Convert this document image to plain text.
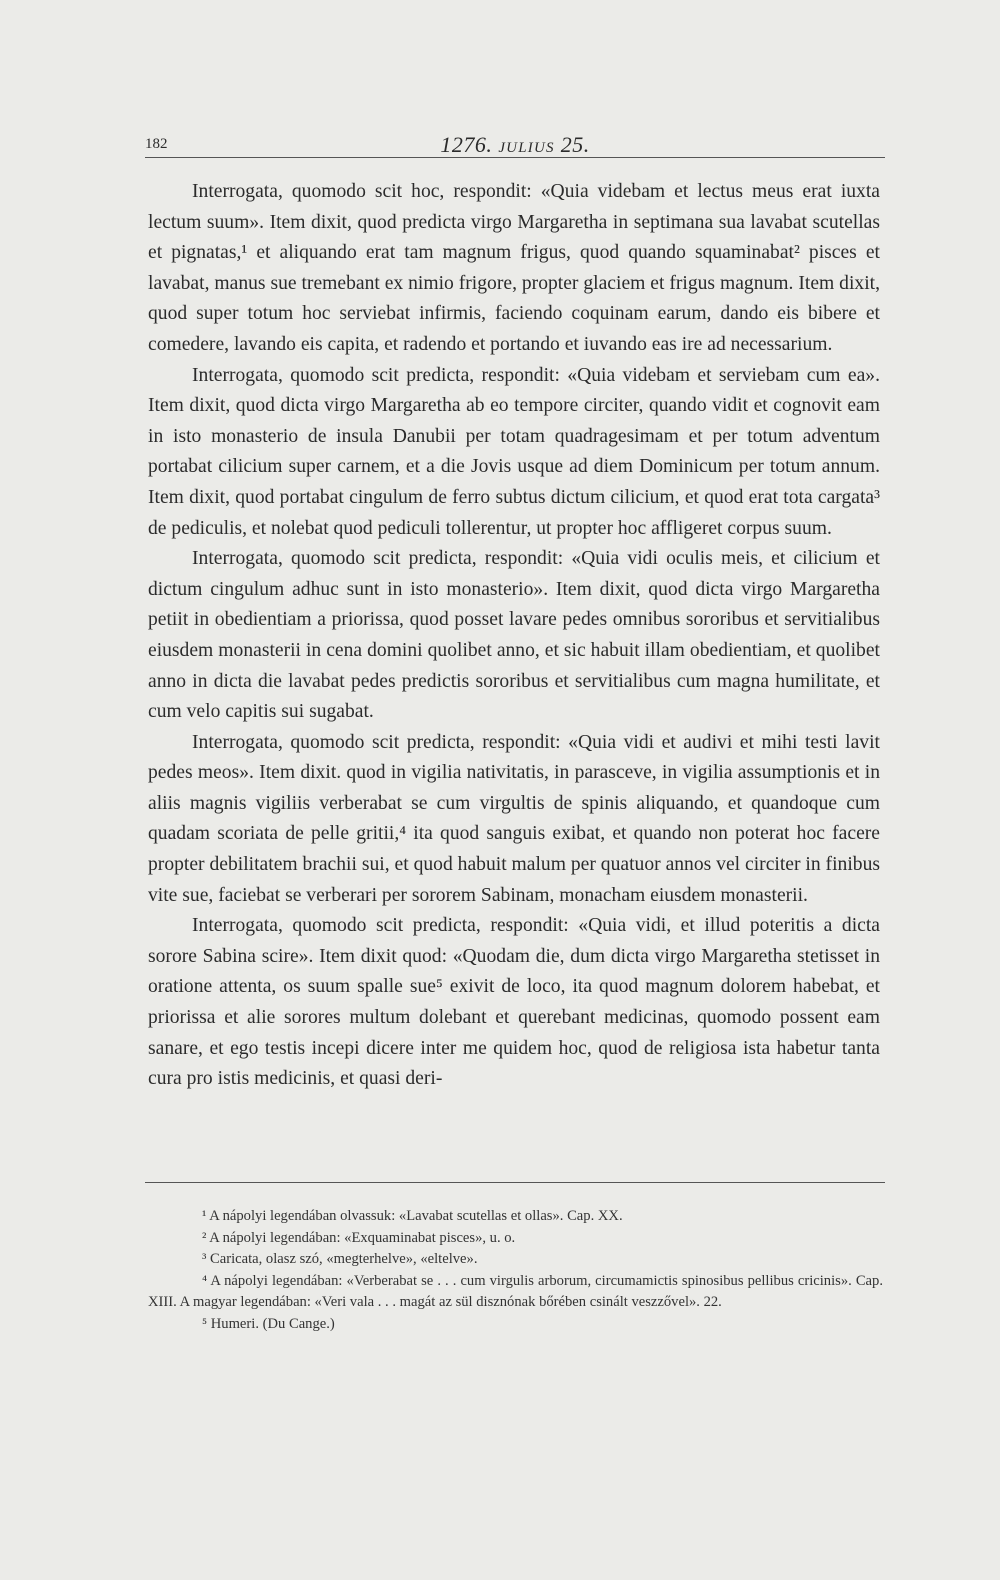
182	1276. JULIUS 25.

Interrogata, quomodo scit hoc, respondit: «Quia videbam et lectus meus erat iuxta lectum suum». Item dixit, quod predicta virgo Margaretha in septimana sua lavabat scutellas et pignatas,¹ et aliquando erat tam magnum frigus, quod quando squaminabat² pisces et lavabat, manus sue tremebant ex nimio frigore, propter glaciem et frigus magnum. Item dixit, quod super totum hoc serviebat infirmis, faciendo coquinam earum, dando eis bibere et comedere, lavando eis capita, et radendo et portando et iuvando eas ire ad necessarium.

Interrogata, quomodo scit predicta, respondit: «Quia videbam et serviebam cum ea». Item dixit, quod dicta virgo Margaretha ab eo tempore circiter, quando vidit et cognovit eam in isto monasterio de insula Danubii per totam quadragesimam et per totum adventum portabat cilicium super carnem, et a die Jovis usque ad diem Dominicum per totum annum. Item dixit, quod portabat cingulum de ferro subtus dictum cilicium, et quod erat tota cargata³ de pediculis, et nolebat quod pediculi tollerentur, ut propter hoc affligeret corpus suum.

Interrogata, quomodo scit predicta, respondit: «Quia vidi oculis meis, et cilicium et dictum cingulum adhuc sunt in isto monasterio». Item dixit, quod dicta virgo Margaretha petiit in obedientiam a priorissa, quod posset lavare pedes omnibus sororibus et servitialibus eiusdem monasterii in cena domini quolibet anno, et sic habuit illam obedientiam, et quolibet anno in dicta die lavabat pedes predictis sororibus et servitialibus cum magna humilitate, et cum velo capitis sui sugabat.

Interrogata, quomodo scit predicta, respondit: «Quia vidi et audivi et mihi testi lavit pedes meos». Item dixit. quod in vigilia nativitatis, in parasceve, in vigilia assumptionis et in aliis magnis vigiliis verberabat se cum virgultis de spinis aliquando, et quandoque cum quadam scoriata de pelle gritii,⁴ ita quod sanguis exibat, et quando non poterat hoc facere propter debilitatem brachii sui, et quod habuit malum per quatuor annos vel circiter in finibus vite sue, faciebat se verberari per sororem Sabinam, monacham eiusdem monasterii.

Interrogata, quomodo scit predicta, respondit: «Quia vidi, et illud poteritis a dicta sorore Sabina scire». Item dixit quod: «Quodam die, dum dicta virgo Margaretha stetisset in oratione attenta, os suum spalle sue⁵ exivit de loco, ita quod magnum dolorem habebat, et priorissa et alie sorores multum dolebant et querebant medicinas, quomodo possent eam sanare, et ego testis incepi dicere inter me quidem hoc, quod de religiosa ista habetur tanta cura pro istis medicinis, et quasi deri-

¹ A nápolyi legendában olvassuk: «Lavabat scutellas et ollas». Cap. XX.

² A nápolyi legendában: «Exquaminabat pisces», u. o.

³ Caricata, olasz szó, «megterhelve», «eltelve».

⁴ A nápolyi legendában: «Verberabat se . . . cum virgulis arborum, circumamictis spinosibus pellibus cricinis». Cap. XIII. A magyar legendában: «Veri vala . . . magát az sül disznónak bőrében csinált veszzővel». 22.

⁵ Humeri. (Du Cange.)
